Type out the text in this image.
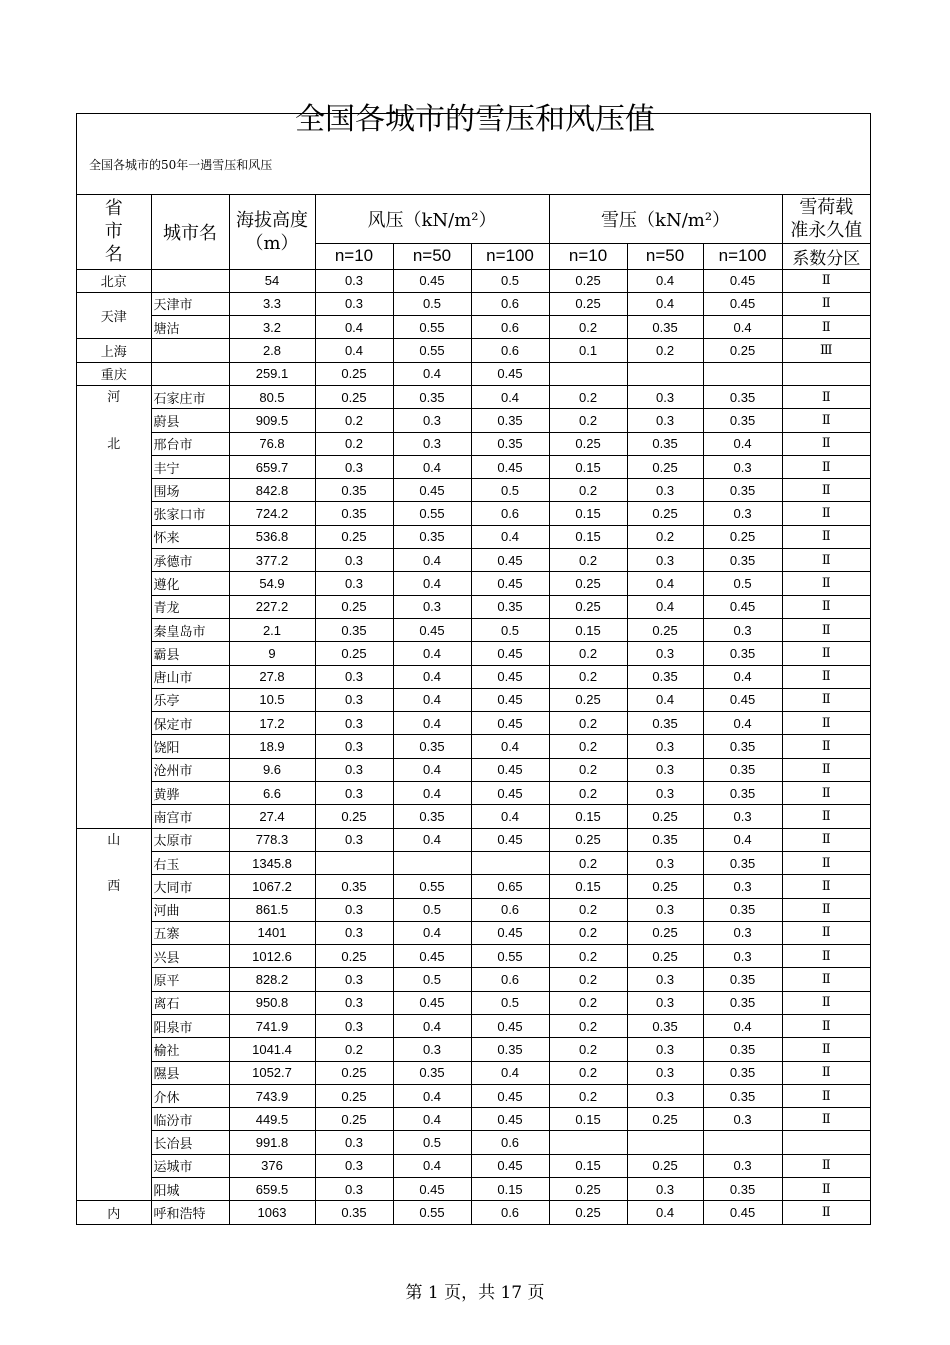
全国各城市的雪压和风压值
全国各城市的50年一遇雪压和风压
省
市
名	城市名	海拔高度
（m）	风压（kN/m²）			雪压（kN/m²）			雪荷载
准永久值
			n=10	n=50	n=100	n=10	n=50	n=100	系数分区
北京		54	0.3	0.45	0.5	0.25	0.4	0.45	Ⅱ
天津	天津市	3.3	0.3	0.5	0.6	0.25	0.4	0.45	Ⅱ
	塘沽	3.2	0.4	0.55	0.6	0.2	0.35	0.4	Ⅱ
上海		2.8	0.4	0.55	0.6	0.1	0.2	0.25	Ⅲ
重庆		259.1	0.25	0.4	0.45				

河

北	石家庄市	80.5	0.25	0.35	0.4	0.2	0.3	0.35	Ⅱ
	蔚县	909.5	0.2	0.3	0.35	0.2	0.3	0.35	Ⅱ
	邢台市	76.8	0.2	0.3	0.35	0.25	0.35	0.4	Ⅱ
	丰宁	659.7	0.3	0.4	0.45	0.15	0.25	0.3	Ⅱ
	围场	842.8	0.35	0.45	0.5	0.2	0.3	0.35	Ⅱ
	张家口市	724.2	0.35	0.55	0.6	0.15	0.25	0.3	Ⅱ
	怀来	536.8	0.25	0.35	0.4	0.15	0.2	0.25	Ⅱ
	承德市	377.2	0.3	0.4	0.45	0.2	0.3	0.35	Ⅱ
	遵化	54.9	0.3	0.4	0.45	0.25	0.4	0.5	Ⅱ
	青龙	227.2	0.25	0.3	0.35	0.25	0.4	0.45	Ⅱ
	秦皇岛市	2.1	0.35	0.45	0.5	0.15	0.25	0.3	Ⅱ
	霸县	9	0.25	0.4	0.45	0.2	0.3	0.35	Ⅱ
	唐山市	27.8	0.3	0.4	0.45	0.2	0.35	0.4	Ⅱ
	乐亭	10.5	0.3	0.4	0.45	0.25	0.4	0.45	Ⅱ
	保定市	17.2	0.3	0.4	0.45	0.2	0.35	0.4	Ⅱ
	饶阳	18.9	0.3	0.35	0.4	0.2	0.3	0.35	Ⅱ
	沧州市	9.6	0.3	0.4	0.45	0.2	0.3	0.35	Ⅱ
	黄骅	6.6	0.3	0.4	0.45	0.2	0.3	0.35	Ⅱ
	南宫市	27.4	0.25	0.35	0.4	0.15	0.25	0.3	Ⅱ

山

西	太原市	778.3	0.3	0.4	0.45	0.25	0.35	0.4	Ⅱ
	右玉	1345.8				0.2	0.3	0.35	Ⅱ
	大同市	1067.2	0.35	0.55	0.65	0.15	0.25	0.3	Ⅱ
	河曲	861.5	0.3	0.5	0.6	0.2	0.3	0.35	Ⅱ
	五寨	1401	0.3	0.4	0.45	0.2	0.25	0.3	Ⅱ
	兴县	1012.6	0.25	0.45	0.55	0.2	0.25	0.3	Ⅱ
	原平	828.2	0.3	0.5	0.6	0.2	0.3	0.35	Ⅱ
	离石	950.8	0.3	0.45	0.5	0.2	0.3	0.35	Ⅱ
	阳泉市	741.9	0.3	0.4	0.45	0.2	0.35	0.4	Ⅱ
	榆社	1041.4	0.2	0.3	0.35	0.2	0.3	0.35	Ⅱ
	隰县	1052.7	0.25	0.35	0.4	0.2	0.3	0.35	Ⅱ
	介休	743.9	0.25	0.4	0.45	0.2	0.3	0.35	Ⅱ
	临汾市	449.5	0.25	0.4	0.45	0.15	0.25	0.3	Ⅱ
	长冶县	991.8	0.3	0.5	0.6				
	运城市	376	0.3	0.4	0.45	0.15	0.25	0.3	Ⅱ
	阳城	659.5	0.3	0.45	0.15	0.25	0.3	0.35	Ⅱ
内	呼和浩特	1063	0.35	0.55	0.6	0.25	0.4	0.45	Ⅱ
第 1 页，共 17 页
